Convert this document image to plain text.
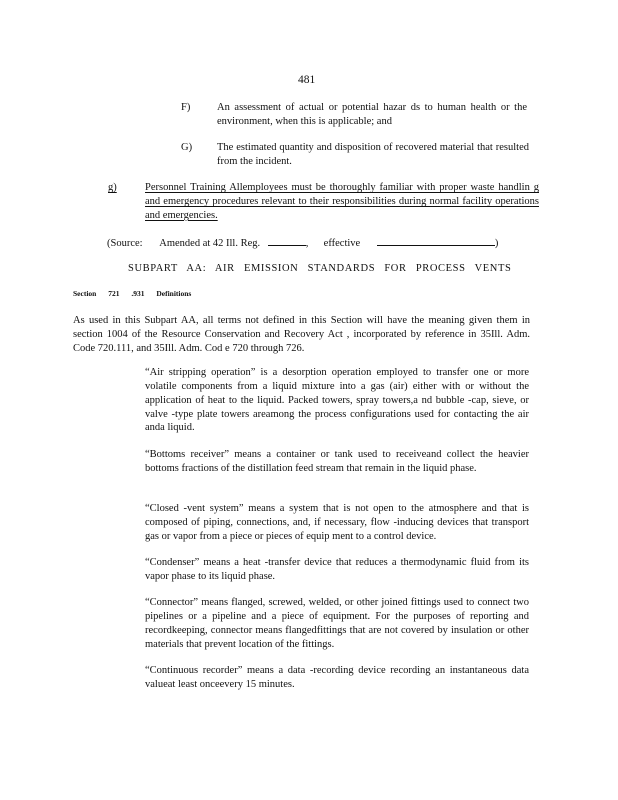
481
F)	An assessment of actual or potential hazar ds to human health or the environment, when this is applicable; and
G) The estimated quantity and disposition of recovered material that resulted from the incident.
g)	Personnel Training Allemployees must be thoroughly familiar with proper waste handlin g and emergency procedures relevant to their responsibilities during normal facility operations and emergencies.
(Source: Amended at 42 Ill. Reg.	, effective	)
SUBPART AA: AIR EMISSION STANDARDS FOR PROCESS VENTS
Section 721 .931 Definitions
As used in this Subpart AA, all terms not defined in this Section will have the meaning given them in section 1004 of the Resource Conservation and Recovery Act , incorporated by reference in 35Ill. Adm. Code 720.111, and 35Ill. Adm. Cod e 720 through 726.
“Air stripping operation” is a desorption operation employed to transfer one or more volatile components from a liquid mixture into a gas (air) either with or without the application of heat to the liquid. Packed towers, spray towers,a nd bubble -cap, sieve, or valve -type plate towers areamong the process configurations used for contacting the air anda liquid.
“Bottoms receiver” means a container or tank used to receiveand collect the heavier bottoms fractions of the distillation feed stream that remain in the liquid phase.
“Closed -vent system” means a system that is not open to the atmosphere and that is composed of piping, connections, and, if necessary, flow -inducing devices that transport gas or vapor from a piece or pieces of equip ment to a control device.
“Condenser” means a heat -transfer device that reduces a thermodynamic fluid from its vapor phase to its liquid phase.
“Connector” means flanged, screwed, welded, or other joined fittings used to connect two pipelines or a pipeline and a piece of equipment. For the purposes of reporting and recordkeeping, connector means flangedfittings that are not covered by insulation or other materials that prevent location of the fittings.
“Continuous recorder” means a data -recording device recording an instantaneous data valueat least onceevery 15 minutes.
